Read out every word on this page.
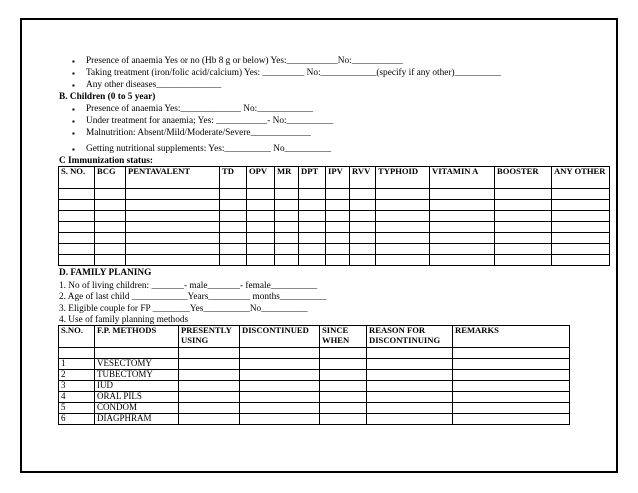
▪ Presence of anaemia Yes or no (Hb 8 g or below) Yes:___________No:___________
▪ Taking treatment (iron/folic acid/calcium) Yes: _________ No:____________(specify if any other)__________
▪ Any other diseases______________
B. Children (0 to 5 year)
▪ Presence of anaemia Yes:_____________ No:____________
▪ Under treatment for anaemia; Yes: ___________- No:__________
▪ Malnutrition: Absent/Mild/Moderate/Severe_____________
▪ Getting nutritional supplements: Yes:__________ No__________
C Immunization status:
S. NO.	BCG	PENTAVALENT	TD	OPV	MR	DPT	IPV	RVV	TYPHOID	VITAMIN A	BOOSTER	ANY OTHER

D. FAMILY PLANING
1. No of living children: _______- male_______- female__________
2. Age of last child ____________Years_________ months__________
3. Eligible couple for FP ________Yes__________No__________
4. Use of family planning methods
S.NO.	F.P. METHODS	PRESENTLY USING	DISCONTINUED	SINCE WHEN	REASON FOR DISCONTINUING	REMARKS

1	VESECTOMY					
2	TUBECTOMY					
3	IUD					
4	ORAL PILS					
5	CONDOM					
6	DIAGPHRAM					
